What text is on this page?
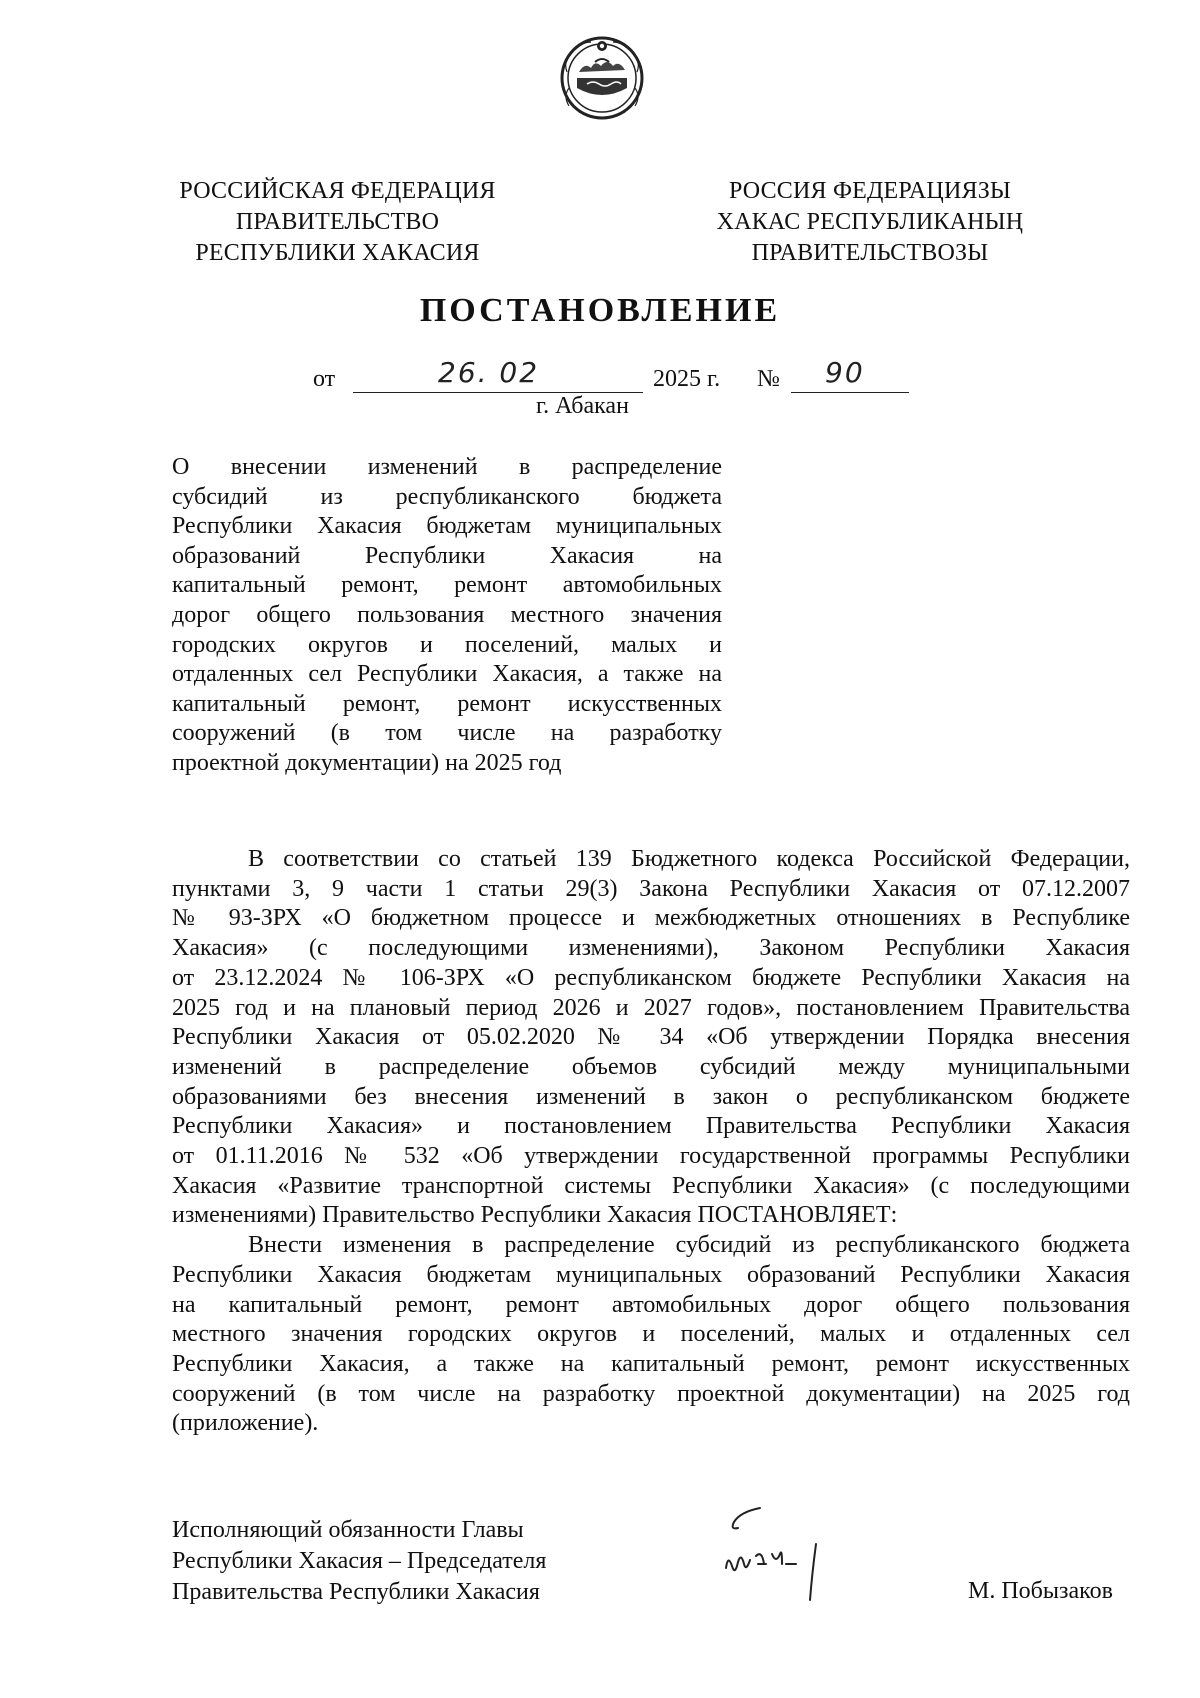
РОССИЙСКАЯ ФЕДЕРАЦИЯ
ПРАВИТЕЛЬСТВО
РЕСПУБЛИКИ ХАКАСИЯ
РОССИЯ ФЕДЕРАЦИЯЗЫ
ХАКАС РЕСПУБЛИКАНЫҢ
ПРАВИТЕЛЬСТВОЗЫ
ПОСТАНОВЛЕНИЕ
от	26. 02	2025 г. № 90
г. Абакан
О внесении изменений в распределение
субсидий из республиканского бюджета
Республики Хакасия бюджетам муниципальных
образований Республики Хакасия на
капитальный ремонт, ремонт автомобильных
дорог общего пользования местного значения
городских округов и поселений, малых и
отдаленных сел Республики Хакасия, а также на
капитальный ремонт, ремонт искусственных
сооружений (в том числе на разработку
проектной документации) на 2025 год
В соответствии со статьей 139 Бюджетного кодекса Российской Федерации,
пунктами 3, 9 части 1 статьи 29(3) Закона Республики Хакасия от 07.12.2007
№ 93-ЗРХ «О бюджетном процессе и межбюджетных отношениях в Республике
Хакасия» (с последующими изменениями), Законом Республики Хакасия
от 23.12.2024 № 106-ЗРХ «О республиканском бюджете Республики Хакасия на
2025 год и на плановый период 2026 и 2027 годов», постановлением Правительства
Республики Хакасия от 05.02.2020 № 34 «Об утверждении Порядка внесения
изменений в распределение объемов субсидий между муниципальными
образованиями без внесения изменений в закон о республиканском бюджете
Республики Хакасия» и постановлением Правительства Республики Хакасия
от 01.11.2016 № 532 «Об утверждении государственной программы Республики
Хакасия «Развитие транспортной системы Республики Хакасия» (с последующими
изменениями) Правительство Республики Хакасия ПОСТАНОВЛЯЕТ:
Внести изменения в распределение субсидий из республиканского бюджета
Республики Хакасия бюджетам муниципальных образований Республики Хакасия
на капитальный ремонт, ремонт автомобильных дорог общего пользования
местного значения городских округов и поселений, малых и отдаленных сел
Республики Хакасия, а также на капитальный ремонт, ремонт искусственных
сооружений (в том числе на разработку проектной документации) на 2025 год
(приложение).
Исполняющий обязанности Главы
Республики Хакасия – Председателя
Правительства Республики Хакасия	М. Побызаков
